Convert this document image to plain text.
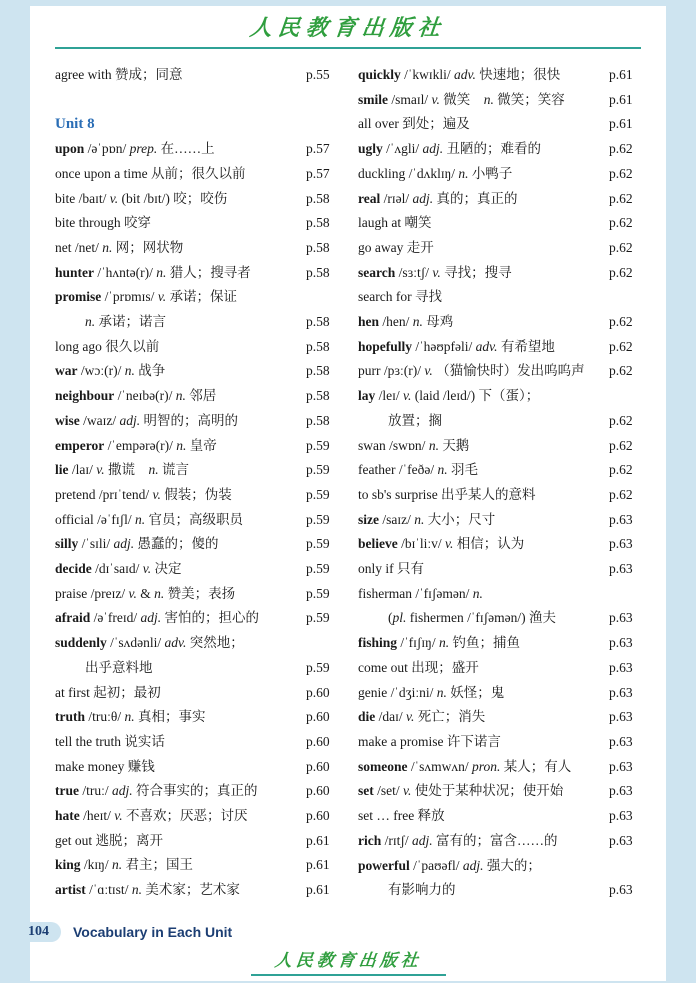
人民教育出版社
agree with 赞成；同意	p.55
Unit 8
upon /əˈpɒn/ prep. 在……上	p.57
once upon a time 从前；很久以前	p.57
bite /baɪt/ v. (bit /bɪt/) 咬；咬伤	p.58
bite through 咬穿	p.58
net /net/ n. 网；网状物	p.58
hunter /ˈhʌntə(r)/ n. 猎人；搜寻者	p.58
promise /ˈprɒmɪs/ v. 承诺；保证
n. 承诺；诺言	p.58
long ago 很久以前	p.58
war /wɔː(r)/ n. 战争	p.58
neighbour /ˈneɪbə(r)/ n. 邻居	p.58
wise /waɪz/ adj. 明智的；高明的	p.58
emperor /ˈempərə(r)/ n. 皇帝	p.59
lie /laɪ/ v. 撒谎　n. 谎言	p.59
pretend /prɪˈtend/ v. 假装；伪装	p.59
official /əˈfɪʃl/ n. 官员；高级职员	p.59
silly /ˈsɪli/ adj. 愚蠢的；傻的	p.59
decide /dɪˈsaɪd/ v. 决定	p.59
praise /preɪz/ v. & n. 赞美；表扬	p.59
afraid /əˈfreɪd/ adj. 害怕的；担心的	p.59
suddenly /ˈsʌdənli/ adv. 突然地；
出乎意料地	p.59
at first 起初；最初	p.60
truth /truːθ/ n. 真相；事实	p.60
tell the truth 说实话	p.60
make money 赚钱	p.60
true /truː/ adj. 符合事实的；真正的	p.60
hate /heɪt/ v. 不喜欢；厌恶；讨厌	p.60
get out 逃脱；离开	p.61
king /kɪŋ/ n. 君主；国王	p.61
artist /ˈɑːtɪst/ n. 美术家；艺术家	p.61
quickly /ˈkwɪkli/ adv. 快速地；很快	p.61
smile /smaɪl/ v. 微笑　n. 微笑；笑容	p.61
all over 到处；遍及	p.61
ugly /ˈʌgli/ adj. 丑陋的；难看的	p.62
duckling /ˈdʌklɪŋ/ n. 小鸭子	p.62
real /rɪəl/ adj. 真的；真正的	p.62
laugh at 嘲笑	p.62
go away 走开	p.62
search /sɜːtʃ/ v. 寻找；搜寻	p.62
search for 寻找
hen /hen/ n. 母鸡	p.62
hopefully /ˈhəʊpfəli/ adv. 有希望地	p.62
purr /pɜː(r)/ v. （猫愉快时）发出呜呜声	p.62
lay /leɪ/ v. (laid /leɪd/) 下（蛋）；
放置；搁	p.62
swan /swɒn/ n. 天鹅	p.62
feather /ˈfeðə/ n. 羽毛	p.62
to sb's surprise 出乎某人的意料	p.62
size /saɪz/ n. 大小；尺寸	p.63
believe /bɪˈliːv/ v. 相信；认为	p.63
only if 只有	p.63
fisherman /ˈfɪʃəmən/ n.
(pl. fishermen /ˈfɪʃəmən/) 渔夫	p.63
fishing /ˈfɪʃɪŋ/ n. 钓鱼；捕鱼	p.63
come out 出现；盛开	p.63
genie /ˈdʒiːni/ n. 妖怪；鬼	p.63
die /daɪ/ v. 死亡；消失	p.63
make a promise 许下诺言	p.63
someone /ˈsʌmwʌn/ pron. 某人；有人	p.63
set /set/ v. 使处于某种状况；使开始	p.63
set … free 释放	p.63
rich /rɪtʃ/ adj. 富有的；富含……的	p.63
powerful /ˈpaʊəfl/ adj. 强大的；
有影响力的	p.63
104	Vocabulary in Each Unit
人民教育出版社
